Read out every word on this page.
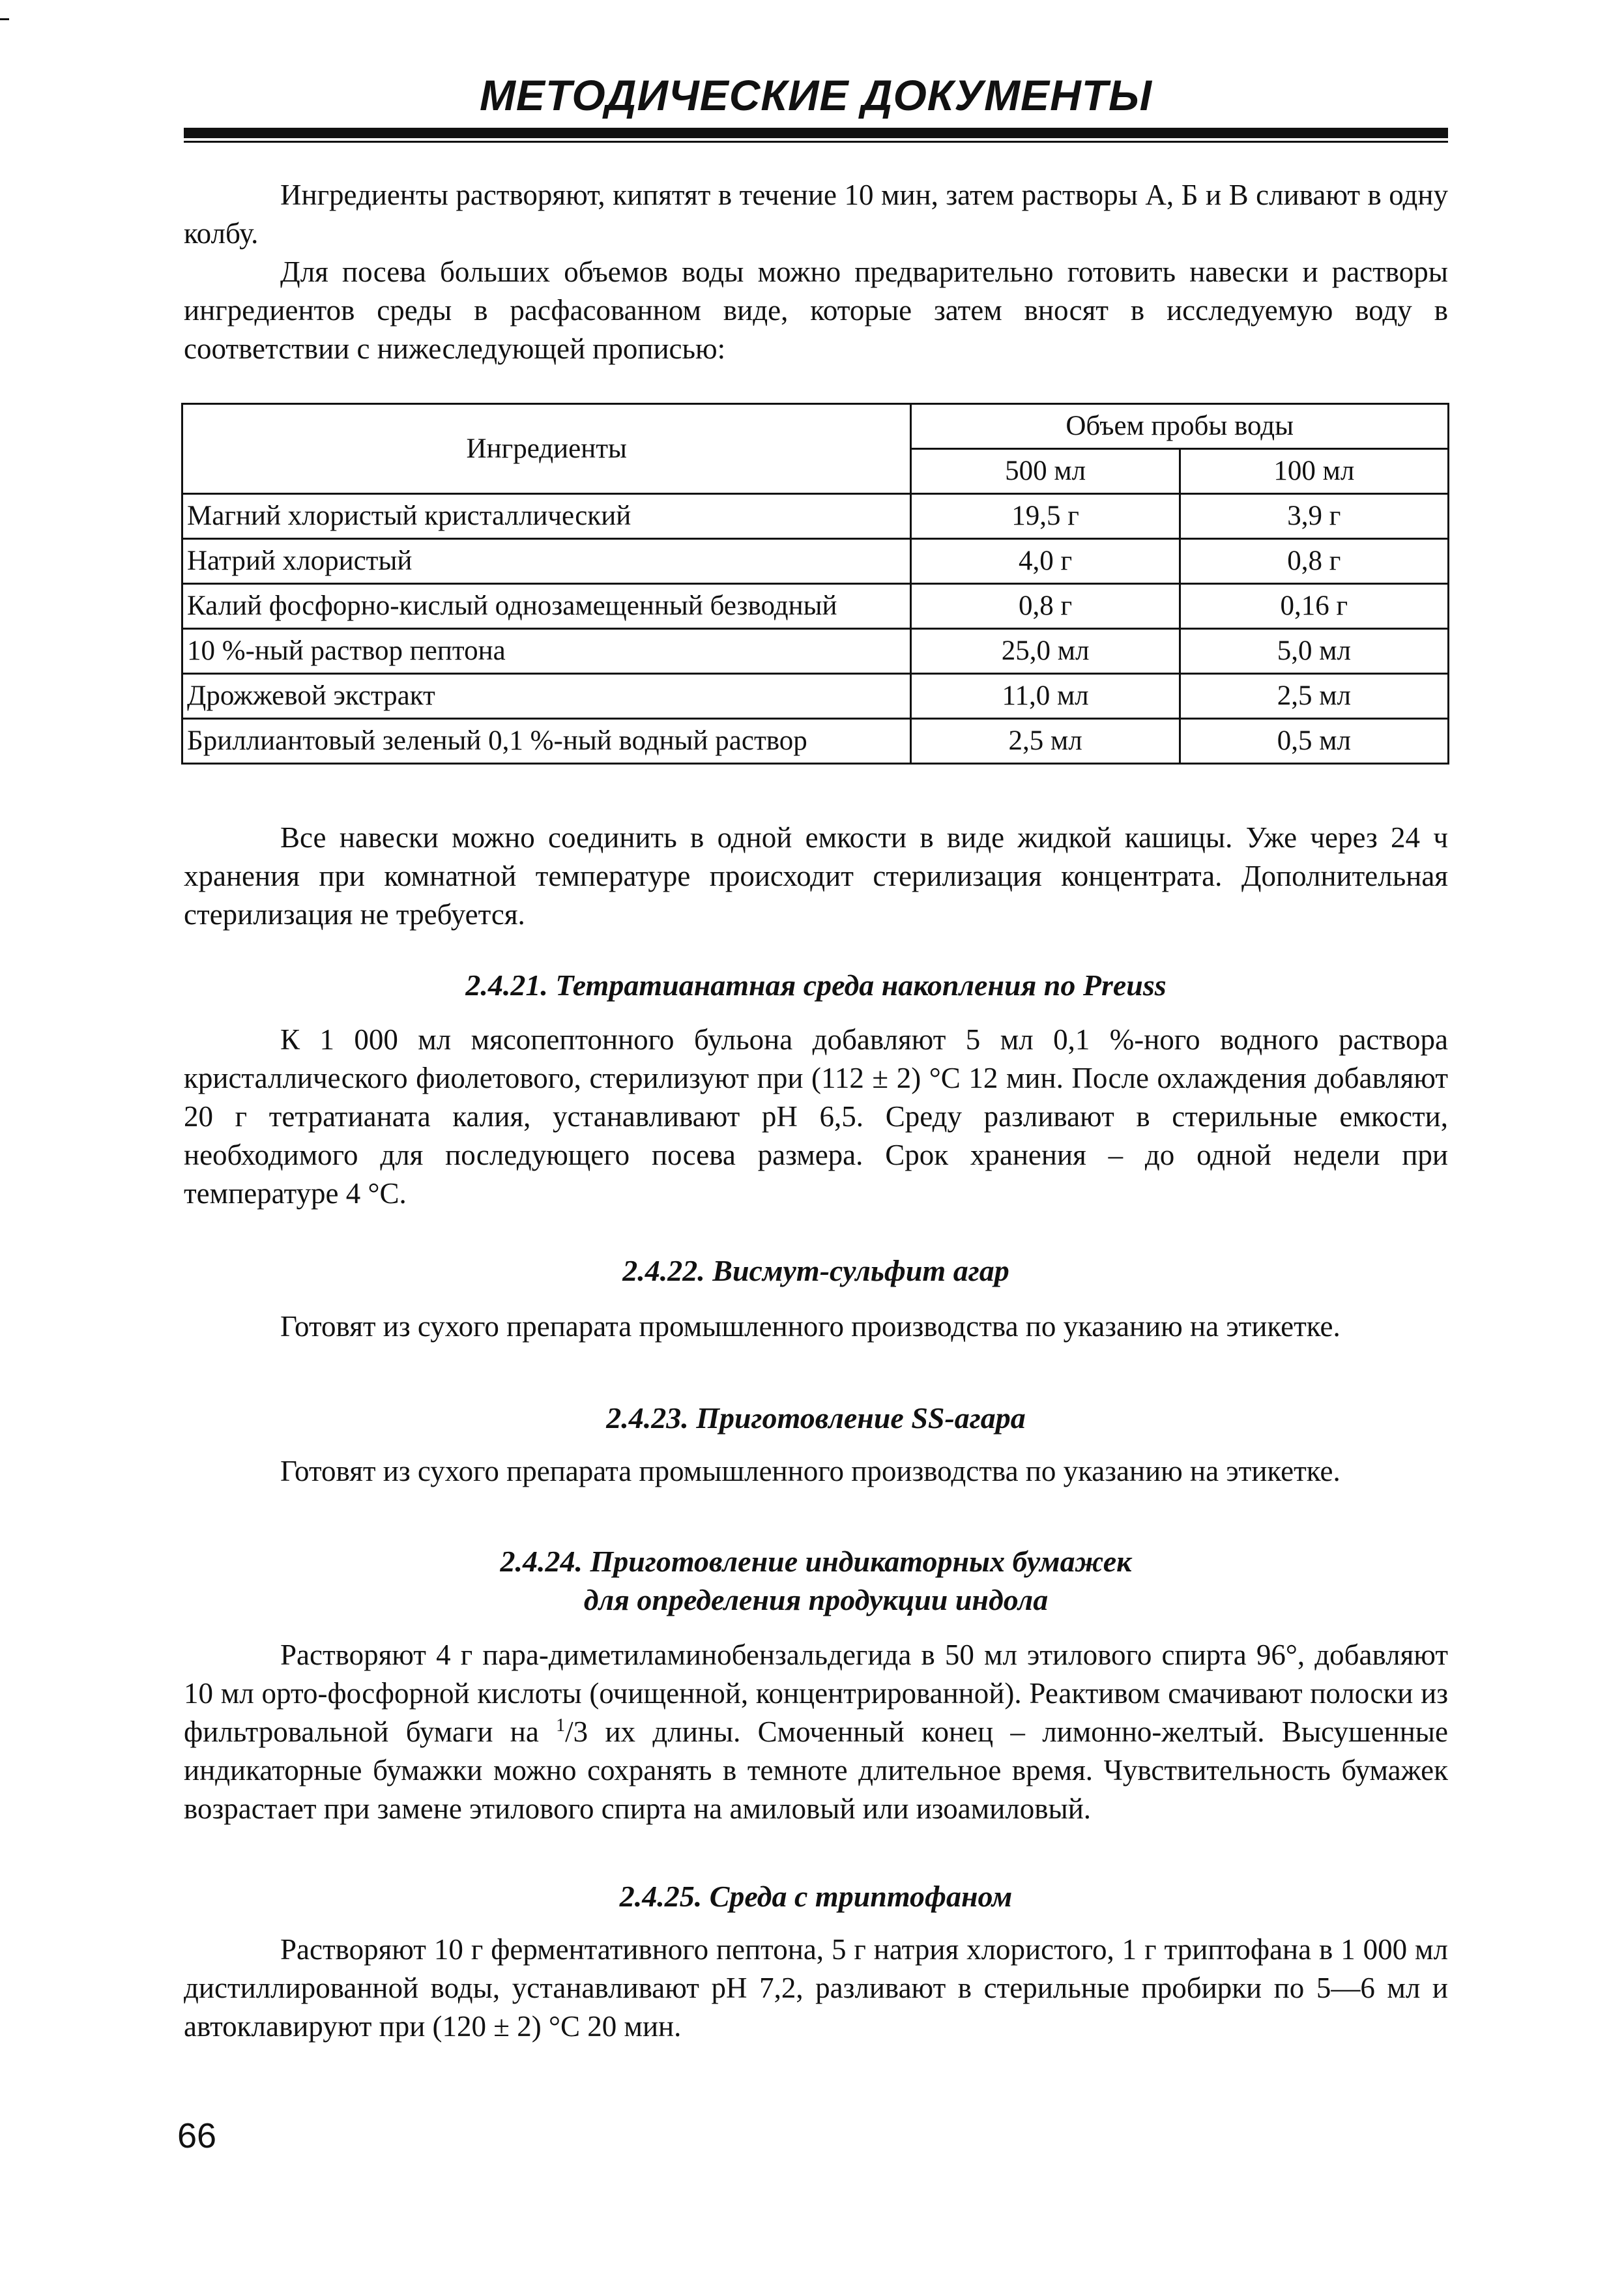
МЕТОДИЧЕСКИЕ ДОКУМЕНТЫ

Ингредиенты растворяют, кипятят в течение 10 мин, затем растворы А, Б и В сливают в одну колбу.

Для посева больших объемов воды можно предварительно готовить навески и растворы ингредиентов среды в расфасованном виде, которые затем вносят в исследуемую воду в соответствии с нижеследующей прописью:

Ингредиенты	Объем пробы воды	
	500 мл	100 мл
Магний хлористый кристаллический	19,5 г	3,9 г
Натрий хлористый	4,0 г	0,8 г
Калий фосфорно-кислый однозамещенный безводный	0,8 г	0,16 г
10 %-ный раствор пептона	25,0 мл	5,0 мл
Дрожжевой экстракт	11,0 мл	2,5 мл
Бриллиантовый зеленый 0,1 %-ный водный раствор	2,5 мл	0,5 мл

Все навески можно соединить в одной емкости в виде жидкой кашицы. Уже через 24 ч хранения при комнатной температуре происходит стерилизация концентрата. Дополнительная стерилизация не требуется.

2.4.21. Тетратианатная среда накопления по Preuss

К 1 000 мл мясопептонного бульона добавляют 5 мл 0,1 %-ного водного раствора кристаллического фиолетового, стерилизуют при (112 ± 2) °С 12 мин. После охлаждения добавляют 20 г тетратианата калия, устанавливают рН 6,5. Среду разливают в стерильные емкости, необходимого для последующего посева размера. Срок хранения – до одной недели при температуре 4 °С.

2.4.22. Висмут-сульфит агар

Готовят из сухого препарата промышленного производства по указанию на этикетке.

2.4.23. Приготовление SS-агара

Готовят из сухого препарата промышленного производства по указанию на этикетке.

2.4.24. Приготовление индикаторных бумажек
для определения продукции индола

Растворяют 4 г пара-диметиламинобензальдегида в 50 мл этилового спирта 96°, добавляют 10 мл орто-фосфорной кислоты (очищенной, концентрированной). Реактивом смачивают полоски из фильтровальной бумаги на $^1$/3 их длины. Смоченный конец – лимонно-желтый. Высушенные индикаторные бумажки можно сохранять в темноте длительное время. Чувствительность бумажек возрастает при замене этилового спирта на амиловый или изоамиловый.

2.4.25. Среда с триптофаном

Растворяют 10 г ферментативного пептона, 5 г натрия хлористого, 1 г триптофана в 1 000 мл дистиллированной воды, устанавливают рН 7,2, разливают в стерильные пробирки по 5—6 мл и автоклавируют при (120 ± 2) °С 20 мин.

66
